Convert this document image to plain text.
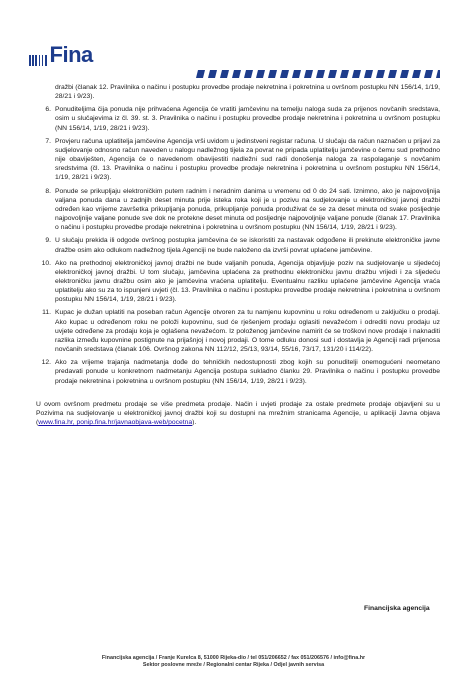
Fina
dražbi (članak 12. Pravilnika o načinu i postupku provedbe prodaje nekretnina i pokretnina u ovršnom postupku NN 156/14, 1/19, 28/21 i 9/23).
6. Ponuditeljima čija ponuda nije prihvaćena Agencija će vratiti jamčevinu na temelju naloga suda za prijenos novčanih sredstava, osim u slučajevima iz čl. 39. st. 3. Pravilnika o načinu i postupku provedbe prodaje nekretnina i pokretnina u ovršnom postupku (NN 156/14, 1/19, 28/21 i 9/23).
7. Provjeru računa uplatitelja jamčevine Agencija vrši uvidom u jedinstveni registar računa. U slučaju da račun naznačen u prijavi za sudjelovanje odnosno račun naveden u nalogu nadležnog tijela za povrat ne pripada uplatitelju jamčevine o čemu sud prethodno nije obaviješten, Agencija će o navedenom obavijestiti nadležni sud radi donošenja naloga za raspolaganje s novčanim sredstvima (čl. 13. Pravilnika o načinu i postupku provedbe prodaje nekretnina i pokretnina u ovršnom postupku NN 156/14, 1/19, 28/21 i 9/23).
8. Ponude se prikupljaju elektroničkim putem radnim i neradnim danima u vremenu od 0 do 24 sati. Iznimno, ako je najpovoljnija valjana ponuda dana u zadnjih deset minuta prije isteka roka koji je u pozivu na sudjelovanje u elektroničkoj javnoj dražbi određen kao vrijeme završetka prikupljanja ponuda, prikupljanje ponuda produživat će se za deset minuta od svake posljednje najpovoljnije valjane ponude sve dok ne protekne deset minuta od posljednje najpovoljnije valjane ponude (članak 17. Pravilnika o načinu i postupku provedbe prodaje nekretnina i pokretnina u ovršnom postupku (NN 156/14, 1/19, 28/21 i 9/23).
9. U slučaju prekida ili odgode ovršnog postupka jamčevina će se iskoristiti za nastavak odgođene ili prekinute elektroničke javne dražbe osim ako odlukom nadležnog tijela Agenciji ne bude naloženo da izvrši povrat uplaćene jamčevine.
10. Ako na prethodnoj elektroničkoj javnoj dražbi ne bude valjanih ponuda, Agencija objavljuje poziv na sudjelovanje u sljedećoj elektroničkoj javnoj dražbi. U tom slučaju, jamčevina uplaćena za prethodnu elektroničku javnu dražbu vrijedi i za sljedeću elektroničku javnu dražbu osim ako je jamčevina vraćena uplatitelju. Eventualnu razliku uplaćene jamčevine Agencija vraća uplatitelju ako su za to ispunjeni uvjeti (čl. 13. Pravilnika o načinu i postupku provedbe prodaje nekretnina i pokretnina u ovršnom postupku NN 156/14, 1/19, 28/21 i 9/23).
11. Kupac je dužan uplatiti na poseban račun Agencije otvoren za tu namjenu kupovninu u roku određenom u zaključku o prodaji. Ako kupac u određenom roku ne položi kupovninu, sud će rješenjem prodaju oglasiti nevažećom i odrediti novu prodaju uz uvjete određene za prodaju koja je oglašena nevažećom. Iz položenog jamčevine namirit će se troškovi nove prodaje i naknaditi razlika između kupovnine postignute na prijašnjoj i novoj prodaji. O tome odluku donosi sud i dostavlja je Agenciji radi prijenosa novčanih sredstava (članak 106. Ovršnog zakona NN 112/12, 25/13, 93/14, 55/16, 73/17, 131/20 i 114/22).
12. Ako za vrijeme trajanja nadmetanja dođe do tehničkih nedostupnosti zbog kojih su ponuditelji onemogućeni neometano predavati ponude u konkretnom nadmetanju Agencija postupa sukladno članku 29. Pravilnika o načinu i postupku provedbe prodaje nekretnina i pokretnina u ovršnom postupku (NN 156/14, 1/19, 28/21 i 9/23).

U ovom ovršnom predmetu prodaje se više predmeta prodaje. Način i uvjeti prodaje za ostale predmete prodaje objavljeni su u Pozivima na sudjelovanje u elektroničkoj javnoj dražbi koji su dostupni na mrežnim stranicama Agencije, u aplikaciji Javna objava (www.fina.hr, ponip.fina.hr/javnaobjava-web/pocetna).

Financijska agencija
Financijska agencija / Franje Kurelca 8, 51000 Rijeka-dio / tel 051/206652 / fax 051/206576 / info@fina.hr
Sektor poslovne mreže / Regionalni centar Rijeka / Odjel javnih servisa
